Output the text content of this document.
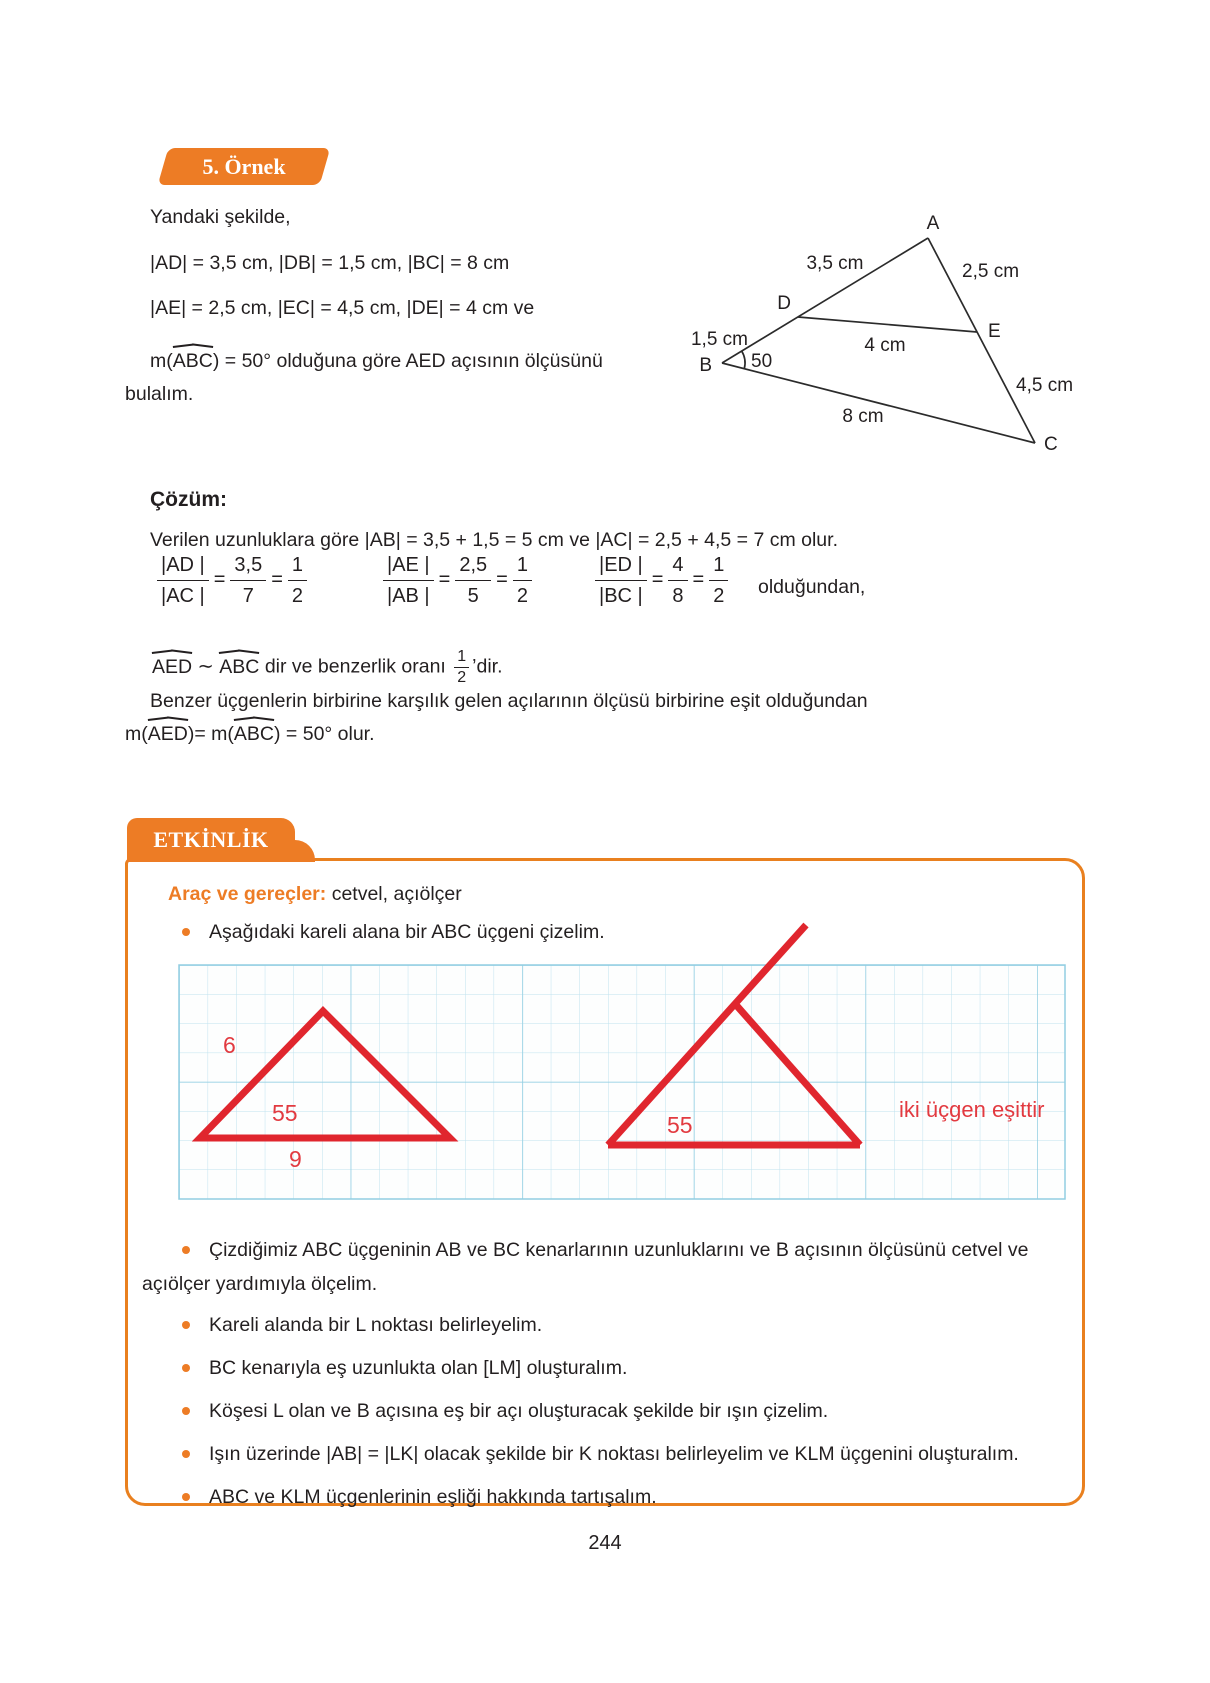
5. Örnek
Yandaki şekilde,
|AD| = 3,5 cm, |DB| = 1,5 cm, |BC| = 8 cm
|AE| = 2,5 cm, |EC| = 4,5 cm, |DE| = 4 cm ve
m(ABC) = 50° olduğuna göre AED açısının ölçüsünü
bulalım.
A
B
C
D
E
3,5 cm	2,5 cm
1,5 cm	4 cm
4,5 cm
8 cm
50
Çözüm:
Verilen uzunluklara göre |AB| = 3,5 + 1,5 = 5 cm ve |AC| = 2,5 + 4,5 = 7 cm olur.
$\frac{|AD |}{|AC |} = \frac{3,5}{7} = \frac{1}{2}$	$\frac{|AE |}{|AB |} = \frac{2,5}{5} = \frac{1}{2}$	$\frac{|ED |}{|BC |} = \frac{4}{8} = \frac{1}{2}$ olduğundan,
AED ∼ ABC dir ve benzerlik oranı $\frac{1}{2}$ ’dir.
Benzer üçgenlerin birbirine karşılık gelen açılarının ölçüsü birbirine eşit olduğundan
m(AED)= m(ABC) = 50° olur.
ETKİNLİK
Araç ve gereçler: cetvel, açıölçer

Aşağıdaki kareli alana bir ABC üçgeni çizelim.

6
55
9
55
iki üçgen eşittir

Çizdiğimiz ABC üçgeninin AB ve BC kenarlarının uzunluklarını ve B açısının ölçüsünü cetvel ve açıölçer yardımıyla ölçelim.

Kareli alanda bir L noktası belirleyelim.

BC kenarıyla eş uzunlukta olan [LM] oluşturalım.

Köşesi L olan ve B açısına eş bir açı oluşturacak şekilde bir ışın çizelim.

Işın üzerinde |AB| = |LK| olacak şekilde bir K noktası belirleyelim ve KLM üçgenini oluşturalım.

ABC ve KLM üçgenlerinin eşliği hakkında tartışalım.

244
